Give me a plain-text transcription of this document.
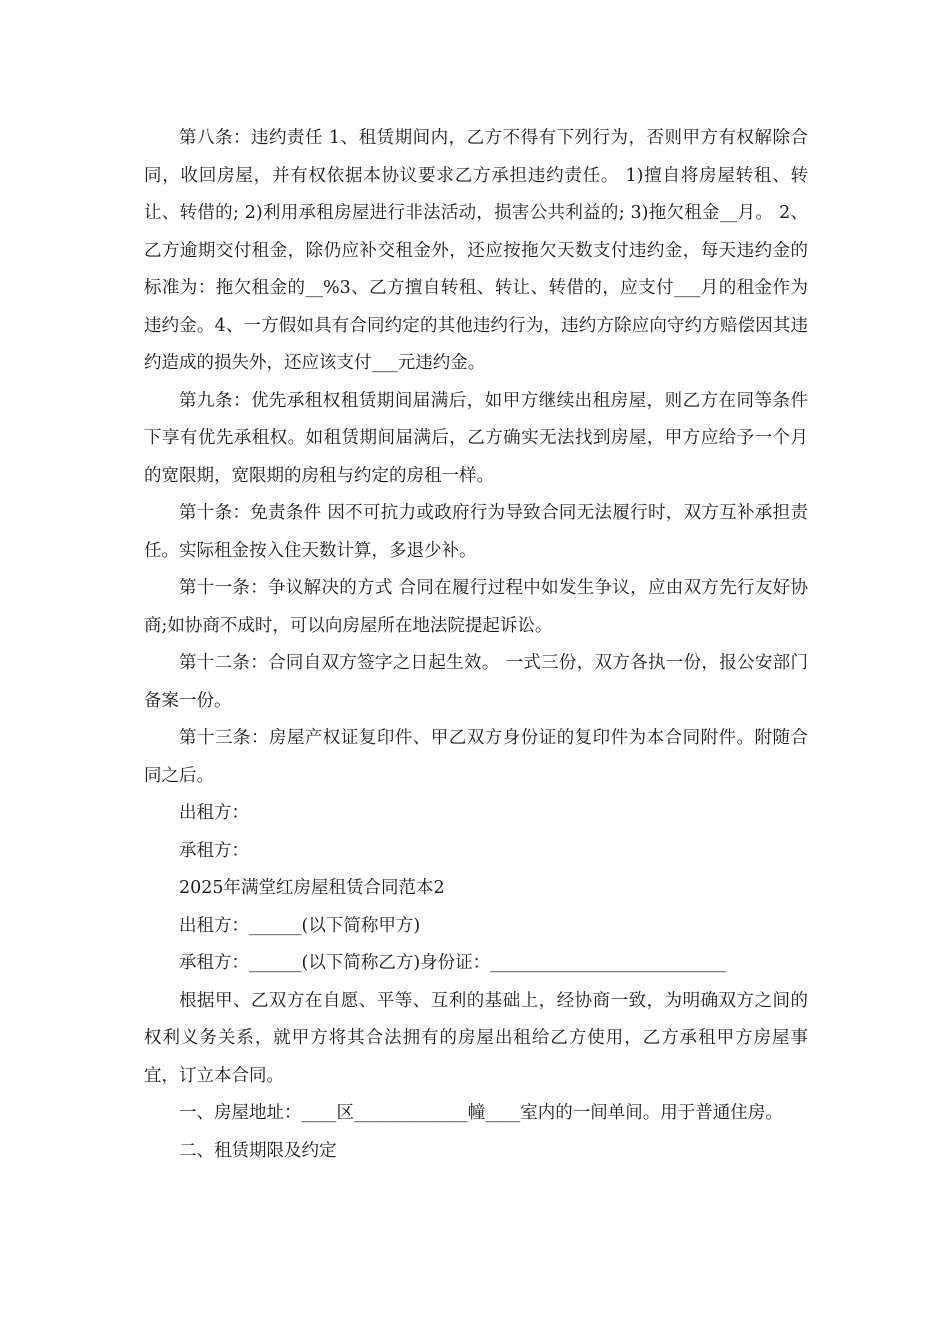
第八条：违约责任 1、租赁期间内，乙方不得有下列行为，否则甲方有权解除合同，收回房屋，并有权依据本协议要求乙方承担违约责任。 1)擅自将房屋转租、转让、转借的; 2)利用承租房屋进行非法活动，损害公共利益的; 3)拖欠租金__月。 2、乙方逾期交付租金，除仍应补交租金外，还应按拖欠天数支付违约金，每天违约金的标准为：拖欠租金的__%3、乙方擅自转租、转让、转借的，应支付___月的租金作为违约金。4、一方假如具有合同约定的其他违约行为，违约方除应向守约方赔偿因其违约造成的损失外，还应该支付___元违约金。

第九条：优先承租权租赁期间届满后，如甲方继续出租房屋，则乙方在同等条件下享有优先承租权。如租赁期间届满后，乙方确实无法找到房屋，甲方应给予一个月的宽限期，宽限期的房租与约定的房租一样。

第十条：免责条件 因不可抗力或政府行为导致合同无法履行时，双方互补承担责任。实际租金按入住天数计算，多退少补。

第十一条：争议解决的方式 合同在履行过程中如发生争议，应由双方先行友好协商;如协商不成时，可以向房屋所在地法院提起诉讼。

第十二条：合同自双方签字之日起生效。 一式三份，双方各执一份，报公安部门备案一份。

第十三条：房屋产权证复印件、甲乙双方身份证的复印件为本合同附件。附随合同之后。

出租方：

承租方：

2025年满堂红房屋租赁合同范本2

出租方：______(以下简称甲方)

承租方：______(以下简称乙方)身份证：___________________________

根据甲、乙双方在自愿、平等、互利的基础上，经协商一致，为明确双方之间的权利义务关系，就甲方将其合法拥有的房屋出租给乙方使用，乙方承租甲方房屋事宜，订立本合同。

一、房屋地址：____区_____________幢____室内的一间单间。用于普通住房。

二、租赁期限及约定
